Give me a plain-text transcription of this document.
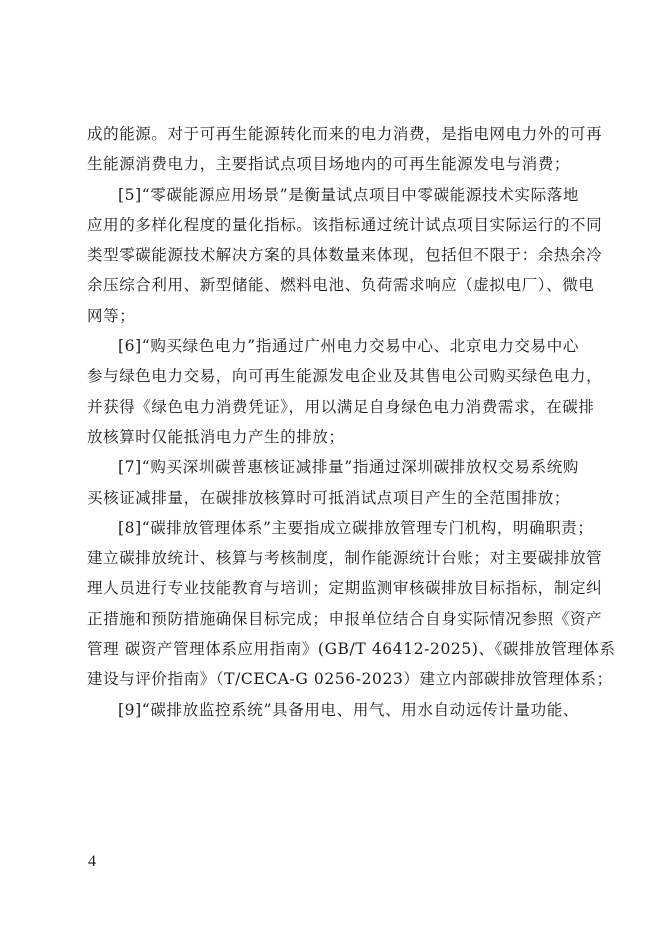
成的能源。对于可再生能源转化而来的电力消费，是指电网电力外的可再
生能源消费电力，主要指试点项目场地内的可再生能源发电与消费；
[5]“零碳能源应用场景”是衡量试点项目中零碳能源技术实际落地
应用的多样化程度的量化指标。该指标通过统计试点项目实际运行的不同
类型零碳能源技术解决方案的具体数量来体现，包括但不限于：余热余冷
余压综合利用、新型储能、燃料电池、负荷需求响应（虚拟电厂）、微电
网等；
[6]“购买绿色电力”指通过广州电力交易中心、北京电力交易中心
参与绿色电力交易，向可再生能源发电企业及其售电公司购买绿色电力，
并获得《绿色电力消费凭证》，用以满足自身绿色电力消费需求，在碳排
放核算时仅能抵消电力产生的排放；
[7]“购买深圳碳普惠核证减排量”指通过深圳碳排放权交易系统购
买核证减排量，在碳排放核算时可抵消试点项目产生的全范围排放；
[8]“碳排放管理体系”主要指成立碳排放管理专门机构，明确职责；
建立碳排放统计、核算与考核制度，制作能源统计台账；对主要碳排放管
理人员进行专业技能教育与培训；定期监测审核碳排放目标指标，制定纠
正措施和预防措施确保目标完成；申报单位结合自身实际情况参照《资产
管理 碳资产管理体系应用指南》(GB/T 46412-2025)、《碳排放管理体系
建设与评价指南》（T/CECA-G 0256-2023）建立内部碳排放管理体系；
[9]“碳排放监控系统”具备用电、用气、用水自动远传计量功能、
4
